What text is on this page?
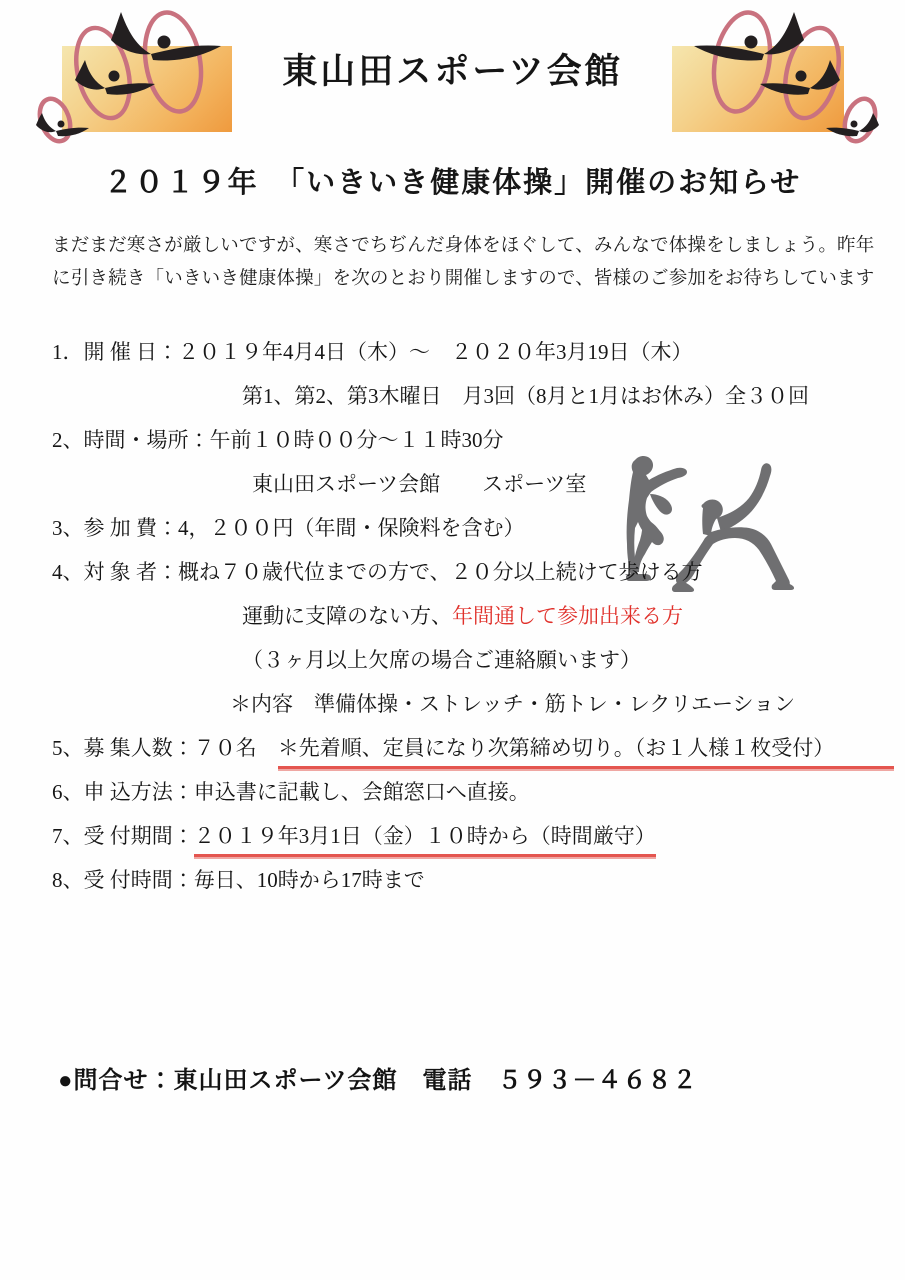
東山田スポーツ会館
２０１９年　「いきいき健康体操」開催のお知らせ
まだまだ寒さが厳しいですが、寒さでちぢんだ身体をほぐして、みんなで体操をしましょう。昨年
に引き続き「いきいき健康体操」を次のとおり開催しますので、皆様のご参加をお待ちしています
1．開 催 日：２０１９年4月4日（木）～　２０２０年3月19日（木）
第1、第2、第3木曜日　月3回（8月と1月はお休み）全３０回
2、時間・場所：午前１０時００分～１１時30分
東山田スポーツ会館　　スポーツ室
3、参 加 費：4，２００円（年間・保険料を含む）
4、対 象 者：概ね７０歳代位までの方で、２０分以上続けて歩ける方
運動に支障のない方、年間通して参加出来る方
（３ヶ月以上欠席の場合ご連絡願います）
＊内容　準備体操・ストレッチ・筋トレ・レクリエーション
5、募 集人数：７０名　＊先着順、定員になり次第締め切り。（お１人様１枚受付）
6、申 込方法：申込書に記載し、会館窓口へ直接。
7、受 付期間：２０１９年3月1日（金）１０時から（時間厳守）
8、受 付時間：毎日、10時から17時まで
●問合せ：東山田スポーツ会館　電話　５９３－４６８２
